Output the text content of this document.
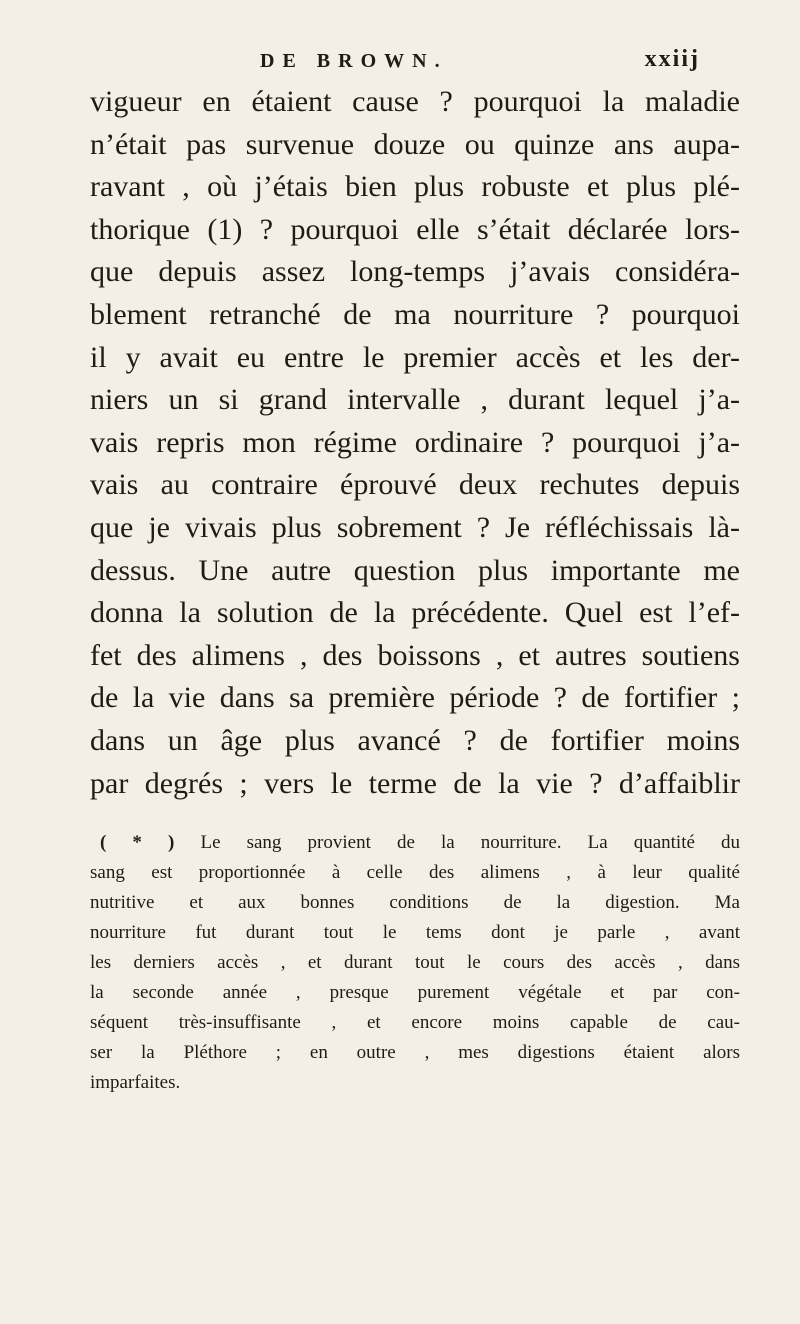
DE BROWN.	xxiij
vigueur en étaient cause ? pourquoi la maladie
n’était pas survenue douze ou quinze ans aupa-
ravant , où j’étais bien plus robuste et plus plé-
thorique (1) ? pourquoi elle s’était déclarée lors-
que depuis assez long-temps j’avais considéra-
blement retranché de ma nourriture ? pourquoi
il y avait eu entre le premier accès et les der-
niers un si grand intervalle , durant lequel j’a-
vais repris mon régime ordinaire ? pourquoi j’a-
vais au contraire éprouvé deux rechutes depuis
que je vivais plus sobrement ? Je réfléchissais là-
dessus. Une autre question plus importante me
donna la solution de la précédente. Quel est l’ef-
fet des alimens , des boissons , et autres soutiens
de la vie dans sa première période ? de fortifier ;
dans un âge plus avancé ? de fortifier moins
par degrés ; vers le terme de la vie ? d’affaiblir
( * ) Le sang provient de la nourriture. La quantité du
sang est proportionnée à celle des alimens , à leur qualité
nutritive et aux bonnes conditions de la digestion. Ma
nourriture fut durant tout le tems dont je parle , avant
les derniers accès , et durant tout le cours des accès , dans
la seconde année , presque purement végétale et par con-
séquent très-insuffisante , et encore moins capable de cau-
ser la Pléthore ; en outre , mes digestions étaient alors
imparfaites.
